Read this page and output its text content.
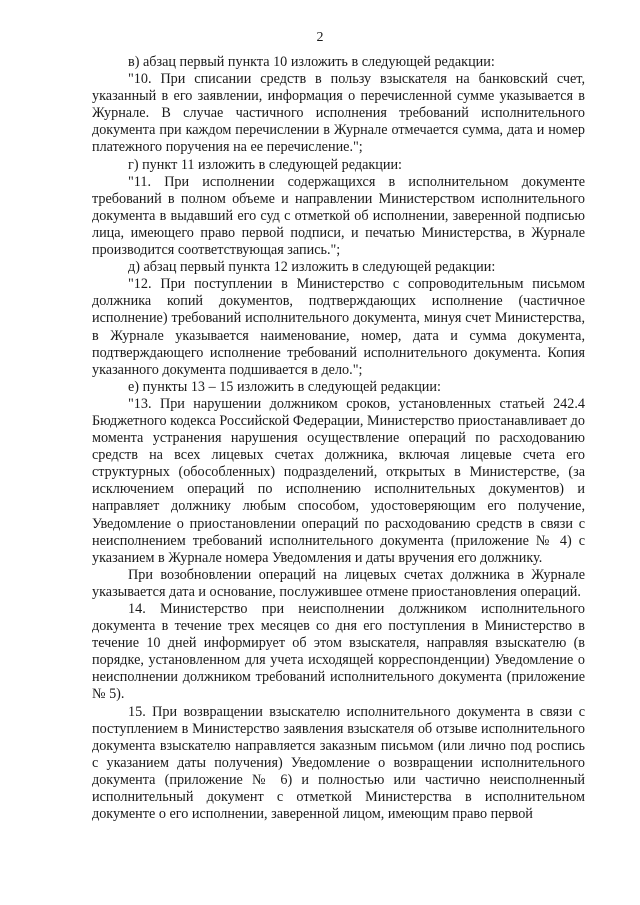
2

в) абзац первый пункта 10 изложить в следующей редакции:

"10. При списании средств в пользу взыскателя на банковский счет, указанный в его заявлении, информация о перечисленной сумме указывается в Журнале. В случае частичного исполнения требований исполнительного документа при каждом перечислении в Журнале отмечается сумма, дата и номер платежного поручения на ее перечисление.";

г) пункт 11 изложить в следующей редакции:

"11. При исполнении содержащихся в исполнительном документе требований в полном объеме и направлении Министерством исполнительного документа в выдавший его суд с отметкой об исполнении, заверенной подписью лица, имеющего право первой подписи, и печатью Министерства, в Журнале производится соответствующая запись.";

д) абзац первый пункта 12 изложить в следующей редакции:

"12. При поступлении в Министерство с сопроводительным письмом должника копий документов, подтверждающих исполнение (частичное исполнение) требований исполнительного документа, минуя счет Министерства, в Журнале указывается наименование, номер, дата и сумма документа, подтверждающего исполнение требований исполнительного документа. Копия указанного документа подшивается в дело.";

е) пункты 13 – 15 изложить в следующей редакции:

"13. При нарушении должником сроков, установленных статьей 242.4 Бюджетного кодекса Российской Федерации, Министерство приостанавливает до момента устранения нарушения осуществление операций по расходованию средств на всех лицевых счетах должника, включая лицевые счета его структурных (обособленных) подразделений, открытых в Министерстве, (за исключением операций по исполнению исполнительных документов) и направляет должнику любым способом, удостоверяющим его получение, Уведомление о приостановлении операций по расходованию средств в связи с неисполнением требований исполнительного документа (приложение № 4) с указанием в Журнале номера Уведомления и даты вручения его должнику.

При возобновлении операций на лицевых счетах должника в Журнале указывается дата и основание, послужившее отмене приостановления операций.

14. Министерство при неисполнении должником исполнительного документа в течение трех месяцев со дня его поступления в Министерство в течение 10 дней информирует об этом взыскателя, направляя взыскателю (в порядке, установленном для учета исходящей корреспонденции) Уведомление о неисполнении должником требований исполнительного документа (приложение № 5).

15. При возвращении взыскателю исполнительного документа в связи с поступлением в Министерство заявления взыскателя об отзыве исполнительного документа взыскателю направляется заказным письмом (или лично под роспись с указанием даты получения) Уведомление о возвращении исполнительного документа (приложение № 6) и полностью или частично неисполненный исполнительный документ с отметкой Министерства в исполнительном документе о его исполнении, заверенной лицом, имеющим право первой
